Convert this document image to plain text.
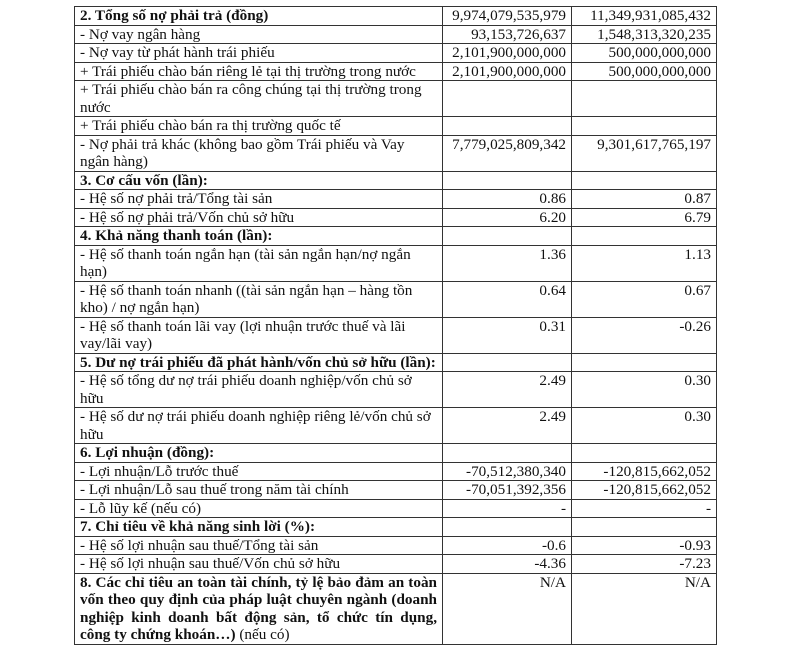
2. Tổng số nợ phải trả (đồng)	9,974,079,535,979	11,349,931,085,432
- Nợ vay ngân hàng	93,153,726,637	1,548,313,320,235
- Nợ vay từ phát hành trái phiếu	2,101,900,000,000	500,000,000,000
+ Trái phiếu chào bán riêng lẻ tại thị trường trong nước	2,101,900,000,000	500,000,000,000
+ Trái phiếu chào bán ra công chúng tại thị trường trong nước		
+ Trái phiếu chào bán ra thị trường quốc tế		
- Nợ phải trả khác (không bao gồm Trái phiếu và Vay ngân hàng)	7,779,025,809,342	9,301,617,765,197
3. Cơ cấu vốn (lần):		
- Hệ số nợ phải trả/Tổng tài sản	0.86	0.87
- Hệ số nợ phải trả/Vốn chủ sở hữu	6.20	6.79
4. Khả năng thanh toán (lần):		
- Hệ số thanh toán ngắn hạn (tài sản ngắn hạn/nợ ngắn hạn)	1.36	1.13
- Hệ số thanh toán nhanh ((tài sản ngắn hạn – hàng tồn kho) / nợ ngắn hạn)	0.64	0.67
- Hệ số thanh toán lãi vay (lợi nhuận trước thuế và lãi vay/lãi vay)	0.31	-0.26
5. Dư nợ trái phiếu đã phát hành/vốn chủ sở hữu (lần):		
- Hệ số tổng dư nợ trái phiếu doanh nghiệp/vốn chủ sở hữu	2.49	0.30
- Hệ số dư nợ trái phiếu doanh nghiệp riêng lẻ/vốn chủ sở hữu	2.49	0.30
6. Lợi nhuận (đồng):		
- Lợi nhuận/Lỗ trước thuế	-70,512,380,340	-120,815,662,052
- Lợi nhuận/Lỗ sau thuế trong năm tài chính	-70,051,392,356	-120,815,662,052
- Lỗ lũy kế (nếu có)	-	-
7. Chỉ tiêu về khả năng sinh lời (%):		
- Hệ số lợi nhuận sau thuế/Tổng tài sản	-0.6	-0.93
- Hệ số lợi nhuận sau thuế/Vốn chủ sở hữu	-4.36	-7.23
8. Các chỉ tiêu an toàn tài chính, tỷ lệ bảo đảm an toàn vốn theo quy định của pháp luật chuyên ngành (doanh nghiệp kinh doanh bất động sản, tổ chức tín dụng, công ty chứng khoán…) (nếu có)	N/A	N/A
